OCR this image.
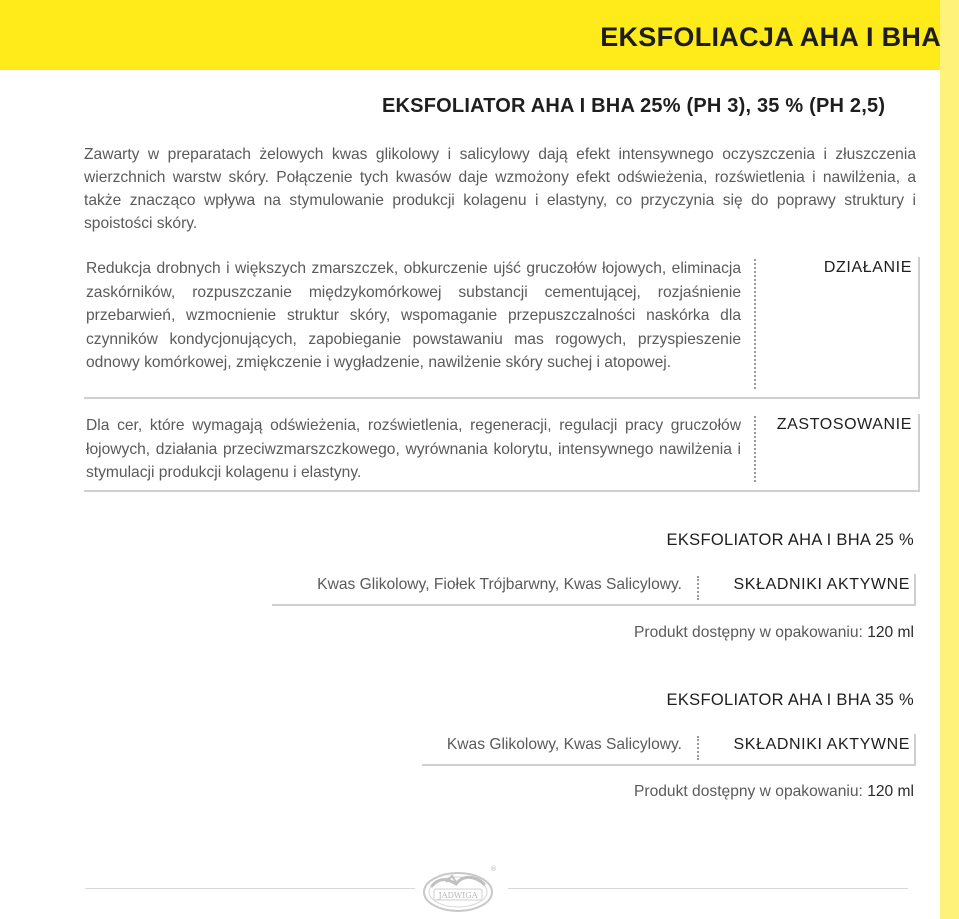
EKSFOLIACJA AHA I BHA
EKSFOLIATOR AHA I BHA 25% (PH 3), 35 % (PH 2,5)

Zawarty w preparatach żelowych kwas glikolowy i salicylowy dają efekt intensywnego oczyszczenia i złuszczenia wierzchnich warstw skóry. Połączenie tych kwasów daje wzmożony efekt odświeżenia, rozświetlenia i nawilżenia, a także znacząco wpływa na stymulowanie produkcji kolagenu i elastyny, co przyczynia się do poprawy struktury i spoistości skóry.

Redukcja drobnych i większych zmarszczek, obkurczenie ujść gruczołów łojowych, eliminacja zaskórników, rozpuszczanie międzykomórkowej substancji cementującej, rozjaśnienie przebarwień, wzmocnienie struktur skóry, wspomaganie przepuszczalności naskórka dla czynników kondycjonujących, zapobieganie powstawaniu mas rogowych, przyspieszenie odnowy komórkowej, zmiękczenie i wygładzenie, nawilżenie skóry suchej i atopowej.

DZIAŁANIE

Dla cer, które wymagają odświeżenia, rozświetlenia, regeneracji, regulacji pracy gruczołów łojowych, działania przeciwzmarszczkowego, wyrównania kolorytu, intensywnego nawilżenia i stymulacji produkcji kolagenu i elastyny.

ZASTOSOWANIE

EKSFOLIATOR AHA I BHA 25 %

Kwas Glikolowy, Fiołek Trójbarwny, Kwas Salicylowy.	SKŁADNIKI AKTYWNE
Produkt dostępny w opakowaniu: 120 ml

EKSFOLIATOR AHA I BHA 35 %

Kwas Glikolowy, Kwas Salicylowy.	SKŁADNIKI AKTYWNE
Produkt dostępny w opakowaniu: 120 ml
JADWIGA
®
